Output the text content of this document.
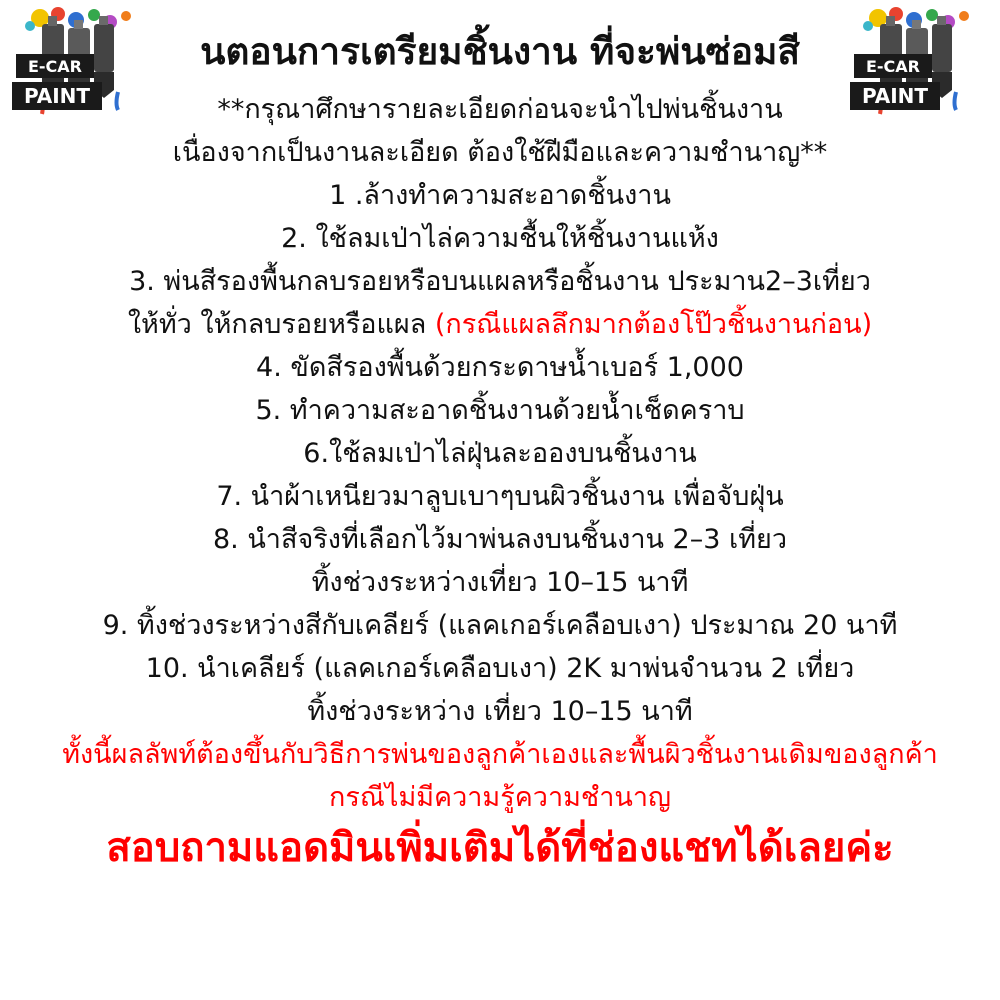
E-CAR
PAINT
E-CAR
PAINT
นตอนการเตรียมชิ้นงาน ที่จะพ่นซ่อมสี
**กรุณาศึกษารายละเอียดก่อนจะนำไปพ่นชิ้นงาน
เนื่องจากเป็นงานละเอียด ต้องใช้ฝีมือและความชำนาญ**
1 .ล้างทำความสะอาดชิ้นงาน
2. ใช้ลมเป่าไล่ความชื้นให้ชิ้นงานแห้ง
3. พ่นสีรองพื้นกลบรอยหรือบนแผลหรือชิ้นงาน ประมาน2–3เที่ยว
ให้ทั่ว ให้กลบรอยหรือแผล (กรณีแผลลึกมากต้องโป๊วชิ้นงานก่อน)
4. ขัดสีรองพื้นด้วยกระดาษน้ำเบอร์ 1,000
5. ทำความสะอาดชิ้นงานด้วยน้ำเช็ดคราบ
6.ใช้ลมเป่าไล่ฝุ่นละอองบนชิ้นงาน
7. นำผ้าเหนียวมาลูบเบาๆบนผิวชิ้นงาน เพื่อจับฝุ่น
8. นำสีจริงที่เลือกไว้มาพ่นลงบนชิ้นงาน 2–3 เที่ยว
ทิ้งช่วงระหว่างเที่ยว 10–15 นาที
9. ทิ้งช่วงระหว่างสีกับเคลียร์ (แลคเกอร์เคลือบเงา) ประมาณ 20 นาที
10. นำเคลียร์ (แลคเกอร์เคลือบเงา) 2K มาพ่นจำนวน 2 เที่ยว
ทิ้งช่วงระหว่าง เที่ยว 10–15 นาที
ทั้งนี้ผลลัพท์ต้องขึ้นกับวิธีการพ่นของลูกค้าเองและพื้นผิวชิ้นงานเดิมของลูกค้า
กรณีไม่มีความรู้ความชำนาญ
สอบถามแอดมินเพิ่มเติมได้ที่ช่องแชทได้เลยค่ะ
